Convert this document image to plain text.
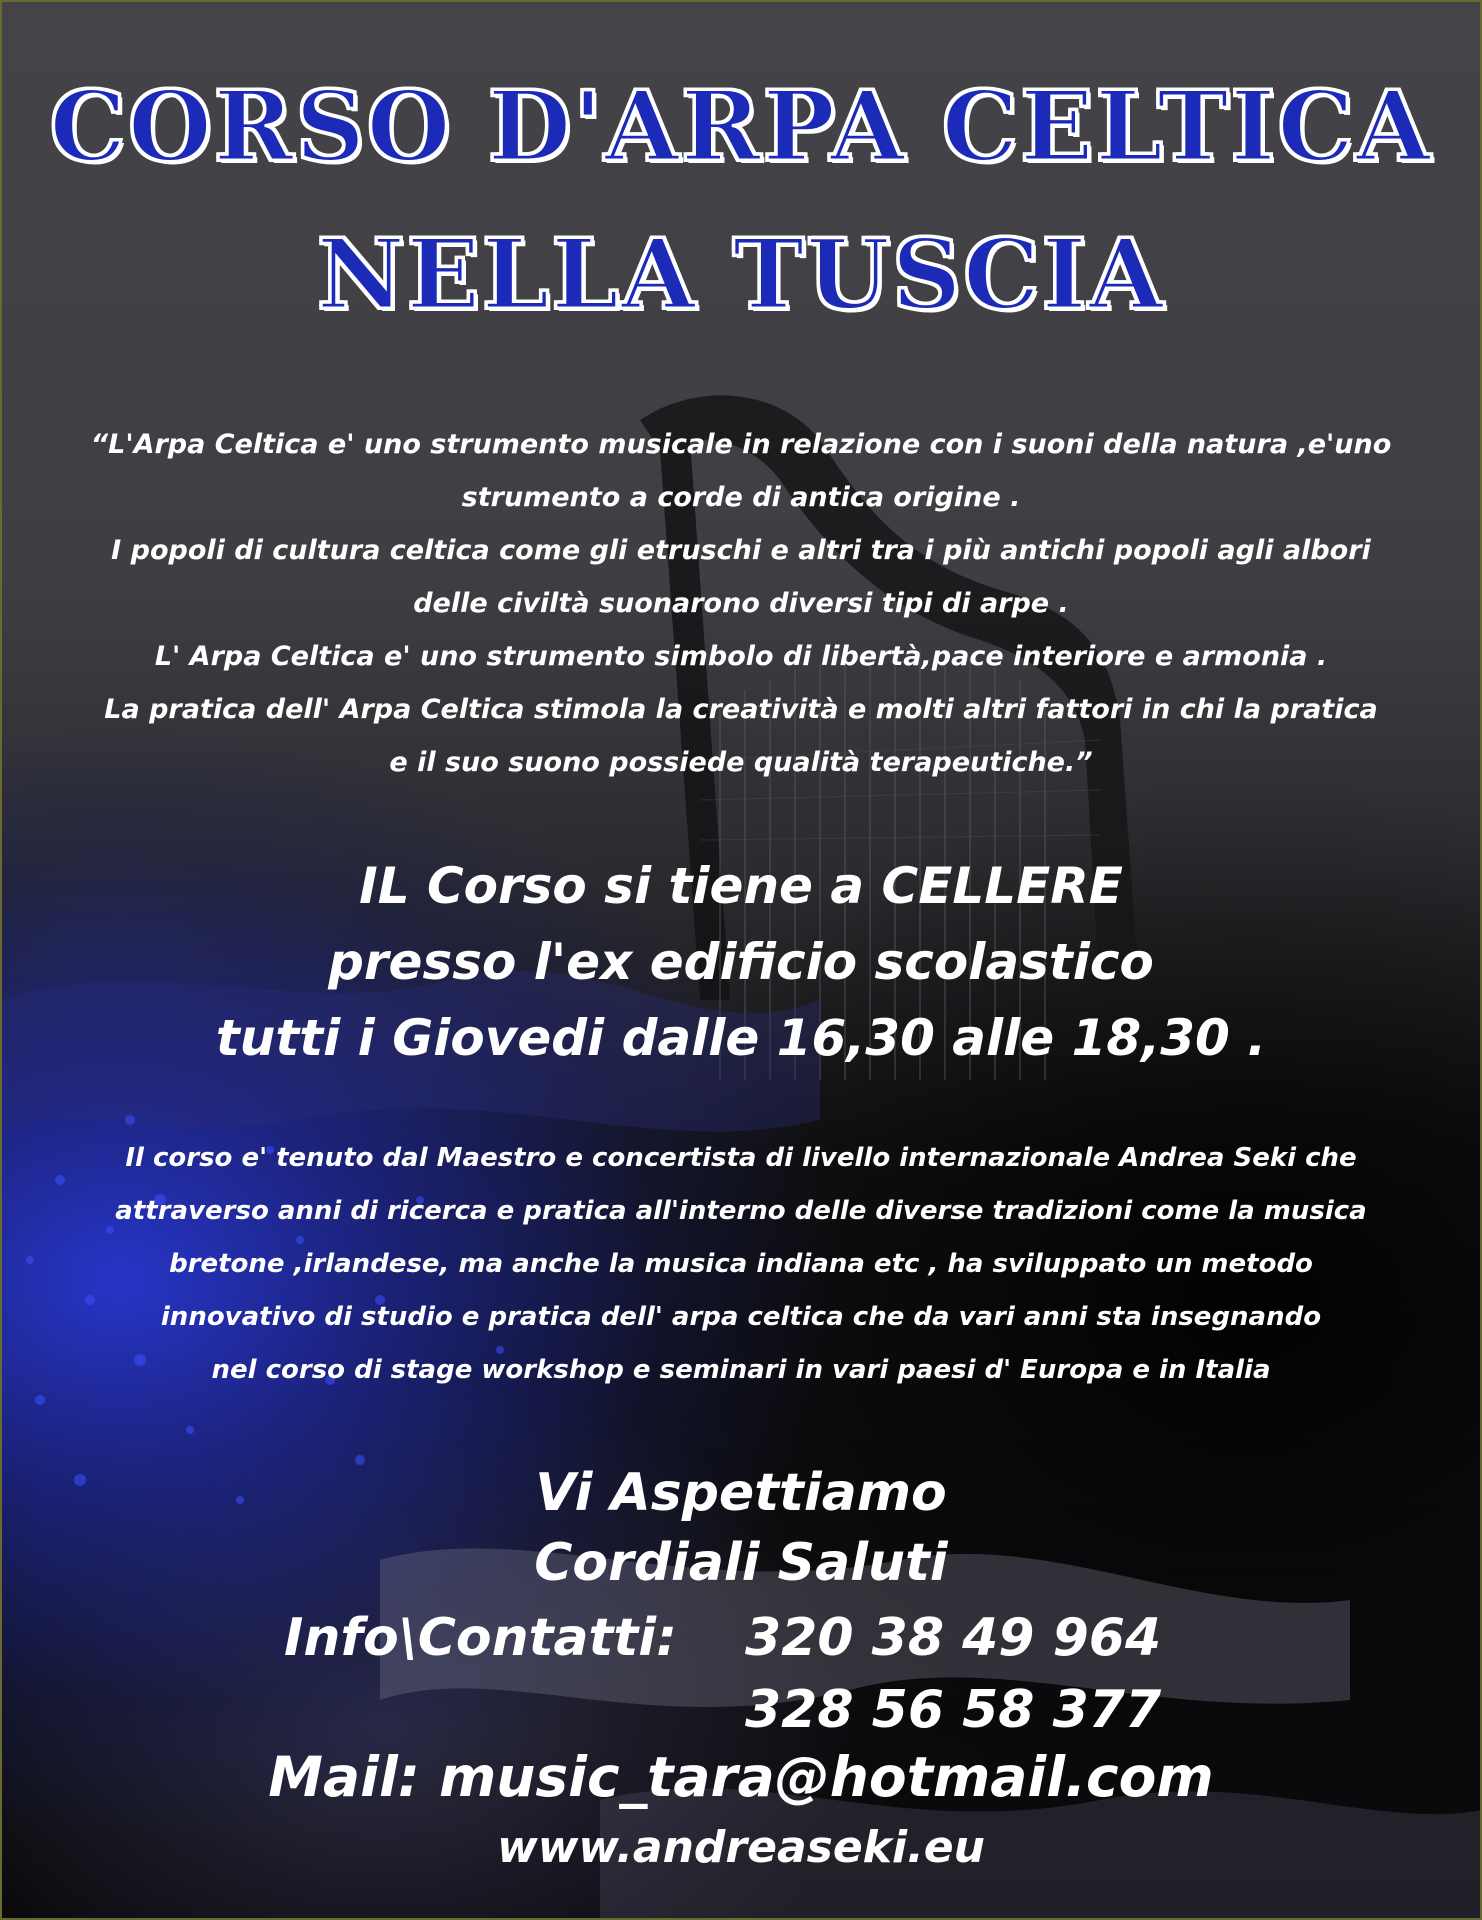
CORSO D'ARPA CELTICA
NELLA TUSCIA
“L'Arpa Celtica e' uno strumento musicale in relazione con i suoni della natura ,e'uno
strumento a corde di antica origine .
I popoli di cultura celtica come gli etruschi e altri tra i più antichi popoli agli albori
delle civiltà suonarono diversi tipi di arpe .
L' Arpa Celtica e' uno strumento simbolo di libertà,pace interiore e armonia .
La pratica dell' Arpa Celtica stimola la creatività e molti altri fattori in chi la pratica
e il suo suono possiede qualità terapeutiche.”
IL Corso si tiene a CELLERE
presso l'ex edificio scolastico
tutti i Giovedi dalle 16,30 alle 18,30 .
Il corso e' tenuto dal Maestro e concertista di livello internazionale Andrea Seki che
attraverso anni di ricerca e pratica all'interno delle diverse tradizioni come la musica
bretone ,irlandese, ma anche la musica indiana etc , ha sviluppato un metodo
innovativo di studio e pratica dell' arpa celtica che da vari anni sta insegnando
nel corso di stage workshop e seminari in vari paesi d' Europa e in Italia
Vi Aspettiamo
Cordiali Saluti
Info\Contatti: 320 38 49 964
328 56 58 377
Mail: music_tara@hotmail.com
www.andreaseki.eu
